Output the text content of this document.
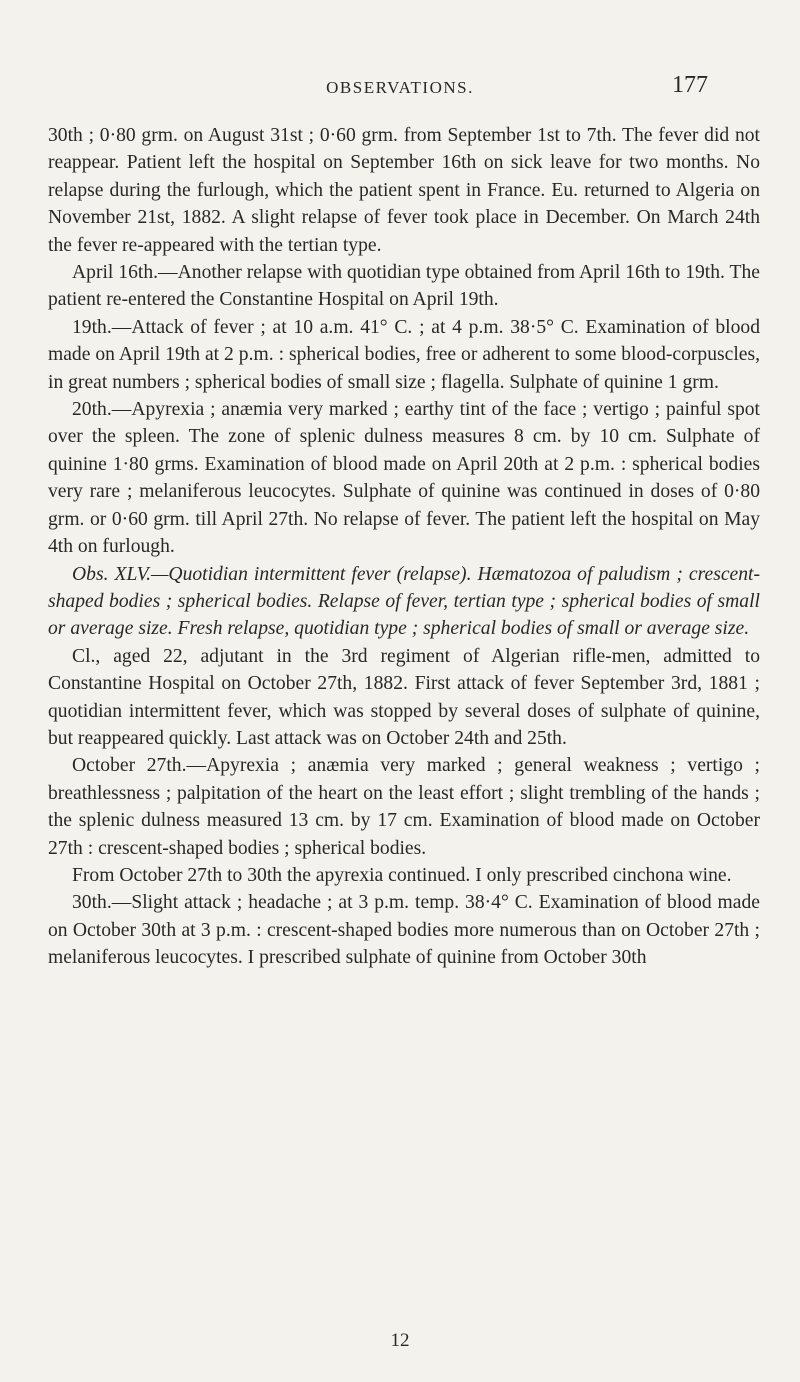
OBSERVATIONS.	177

30th ; 0·80 grm. on August 31st ; 0·60 grm. from September 1st to 7th. The fever did not reappear. Patient left the hospital on September 16th on sick leave for two months. No relapse during the furlough, which the patient spent in France. Eu. returned to Algeria on November 21st, 1882. A slight relapse of fever took place in December. On March 24th the fever re-appeared with the tertian type.

April 16th.—Another relapse with quotidian type obtained from April 16th to 19th. The patient re-entered the Constantine Hospital on April 19th.

19th.—Attack of fever ; at 10 a.m. 41° C. ; at 4 p.m. 38·5° C. Examination of blood made on April 19th at 2 p.m. : spherical bodies, free or adherent to some blood-corpuscles, in great numbers ; spherical bodies of small size ; flagella. Sulphate of quinine 1 grm.

20th.—Apyrexia ; anæmia very marked ; earthy tint of the face ; vertigo ; painful spot over the spleen. The zone of splenic dulness measures 8 cm. by 10 cm. Sulphate of quinine 1·80 grms. Examination of blood made on April 20th at 2 p.m. : spherical bodies very rare ; melaniferous leucocytes. Sulphate of quinine was continued in doses of 0·80 grm. or 0·60 grm. till April 27th. No relapse of fever. The patient left the hospital on May 4th on furlough.

Obs. XLV.—Quotidian intermittent fever (relapse). Hæmatozoa of paludism ; crescent-shaped bodies ; spherical bodies. Relapse of fever, tertian type ; spherical bodies of small or average size. Fresh relapse, quotidian type ; spherical bodies of small or average size.

Cl., aged 22, adjutant in the 3rd regiment of Algerian rifle-men, admitted to Constantine Hospital on October 27th, 1882. First attack of fever September 3rd, 1881 ; quotidian intermittent fever, which was stopped by several doses of sulphate of quinine, but reappeared quickly. Last attack was on October 24th and 25th.

October 27th.—Apyrexia ; anæmia very marked ; general weakness ; vertigo ; breathlessness ; palpitation of the heart on the least effort ; slight trembling of the hands ; the splenic dulness measured 13 cm. by 17 cm. Examination of blood made on October 27th : crescent-shaped bodies ; spherical bodies.

From October 27th to 30th the apyrexia continued. I only prescribed cinchona wine.

30th.—Slight attack ; headache ; at 3 p.m. temp. 38·4° C. Examination of blood made on October 30th at 3 p.m. : crescent-shaped bodies more numerous than on October 27th ; melaniferous leucocytes. I prescribed sulphate of quinine from October 30th

12
